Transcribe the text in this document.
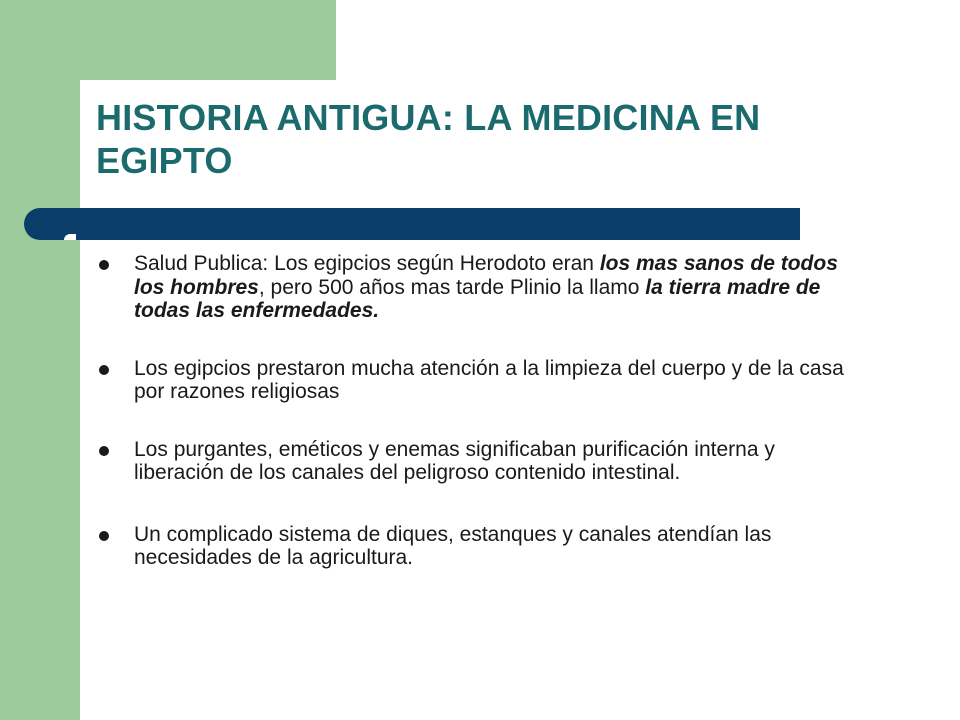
HISTORIA ANTIGUA: LA MEDICINA EN EGIPTO
Salud Publica: Los egipcios según Herodoto eran los mas sanos de todos los hombres, pero 500 años mas tarde Plinio la llamo la tierra madre de todas las enfermedades.
Los egipcios prestaron mucha atención a la limpieza del cuerpo y de la casa por razones religiosas
Los purgantes, eméticos y enemas significaban purificación interna y liberación de los canales del peligroso contenido intestinal.
Un complicado sistema de diques, estanques y canales atendían las necesidades de la agricultura.
